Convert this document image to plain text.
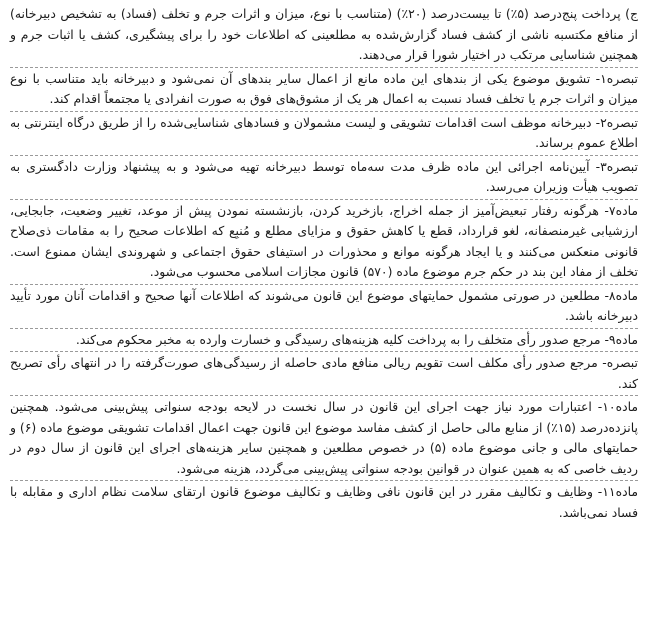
ج) پرداخت پنج‌درصد (۵٪) تا بیست‌درصد (۲۰٪) (متناسب با نوع، میزان و اثرات جرم و تخلف (فساد) به تشخیص دبیرخانه) از منافع مکتسبه ناشی از کشف فساد گزارش‌شده به مطلعینی که اطلاعات خود را برای پیشگیری، کشف یا اثبات جرم و همچنین شناسایی مرتکب در اختیار شورا قرار می‌دهند.

تبصره۱- تشویق موضوع یکی از بندهای این ماده مانع از اعمال سایر بندهای آن نمی‌شود و دبیرخانه باید متناسب با نوع میزان و اثرات جرم یا تخلف فساد نسبت به اعمال هر یک از مشوق‌های فوق به صورت انفرادی یا مجتمعاً اقدام کند.

تبصره۲- دبیرخانه موظف است اقدامات تشویقی و لیست مشمولان و فسادهای شناسایی‌شده را از طریق درگاه اینترنتی به اطلاع عموم برساند.

تبصره۳- آیین‌نامه اجرائی این ماده ظرف مدت سه‌ماه توسط دبیرخانه تهیه می‌شود و به پیشنهاد وزارت دادگستری به تصویب هیأت وزیران می‌رسد.

ماده۷- هرگونه رفتار تبعیض‌آمیز از جمله اخراج، بازخرید کردن، بازنشسته نمودن پیش از موعد، تغییر وضعیت، جابجایی، ارزشیابی غیرمنصفانه، لغو قرارداد، قطع یا کاهش حقوق و مزایای مطلع و مُنبِع که اطلاعات صحیح را به مقامات ذی‌صلاح قانونی منعکس می‌کنند و یا ایجاد هرگونه موانع و محذورات در استیفای حقوق اجتماعی و شهروندی ایشان ممنوع است. تخلف از مفاد این بند در حکم جرم موضوع ماده (۵۷۰) قانون مجازات اسلامی محسوب می‌شود.

ماده۸- مطلعین در صورتی مشمول حمایتهای موضوع این قانون می‌شوند که اطلاعات آنها صحیح و اقدامات آنان مورد تأیید دبیرخانه باشد.

ماده۹- مرجع صدور رأی متخلف را به پرداخت کلیه هزینه‌های رسیدگی و خسارت وارده به مخبر محکوم می‌کند.

تبصره- مرجع صدور رأی مکلف است تقویم ریالی منافع مادی حاصله از رسیدگی‌های صورت‌گرفته را در انتهای رأی تصریح کند.

ماده۱۰- اعتبارات مورد نیاز جهت اجرای این قانون در سال نخست در لایحه بودجه سنواتی پیش‌بینی می‌شود. همچنین پانزده‌درصد (۱۵٪) از منابع مالی حاصل از کشف مفاسد موضوع این قانون جهت اعمال اقدامات تشویقی موضوع ماده (۶) و حمایتهای مالی و جانی موضوع ماده (۵) در خصوص مطلعین و همچنین سایر هزینه‌های اجرای این قانون از سال دوم در ردیف خاصی که به همین عنوان در قوانین بودجه سنواتی پیش‌بینی می‌گردد، هزینه می‌شود.

ماده۱۱- وظایف و تکالیف مقرر در این قانون نافی وظایف و تکالیف موضوع قانون ارتقای سلامت نظام اداری و مقابله با فساد نمی‌باشد.
